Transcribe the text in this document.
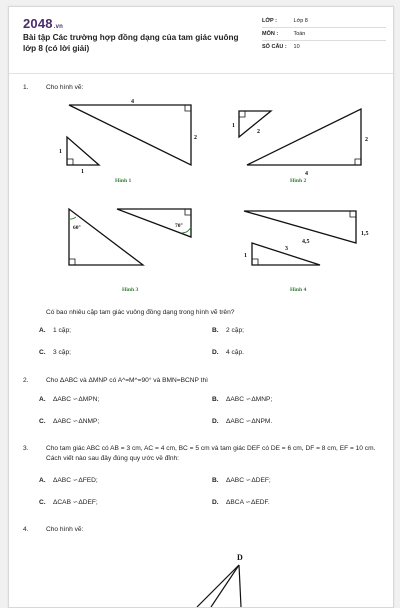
2048.vn
Bài tập Các trường hợp đồng dạng của tam giác vuông lớp 8 (có lời giải)
LỚP :	Lớp 8
MÔN :	Toán
SỐ CÂU : 10
1.	Cho hình vẽ:
4
2
1
1
Hình 1
1
2
2
4
Hình 2
60°	70°
Hình 3
4,5
1,5
3
1
Hình 4
Có bao nhiêu cặp tam giác vuông đồng dạng trong hình vẽ trên?
A. 1 cặp;	B. 2 cặp;
C. 3 cặp;	D. 4 cặp.
2.	Cho ΔABC và ΔMNP có A^=M^=90° và BMN=BCNP thì
A. ΔABC ∽ΔMPN;	B. ΔABC ∽ΔMNP;
C. ΔABC ∽ΔNMP;	D. ΔABC ∽ΔNPM.
3.	Cho tam giác ABC có AB = 3 cm, AC = 4 cm, BC = 5 cm và tam giác DEF có DE = 6 cm, DF = 8 cm, EF = 10 cm. Cách viết nào sau đây đúng quy ước về đỉnh:
A. ΔABC ∽ΔFED;	B. ΔABC ∽ΔDEF;
C. ΔCAB ∽ΔDEF;	D. ΔBCA ∽ΔEDF.
4.	Cho hình vẽ:
D
